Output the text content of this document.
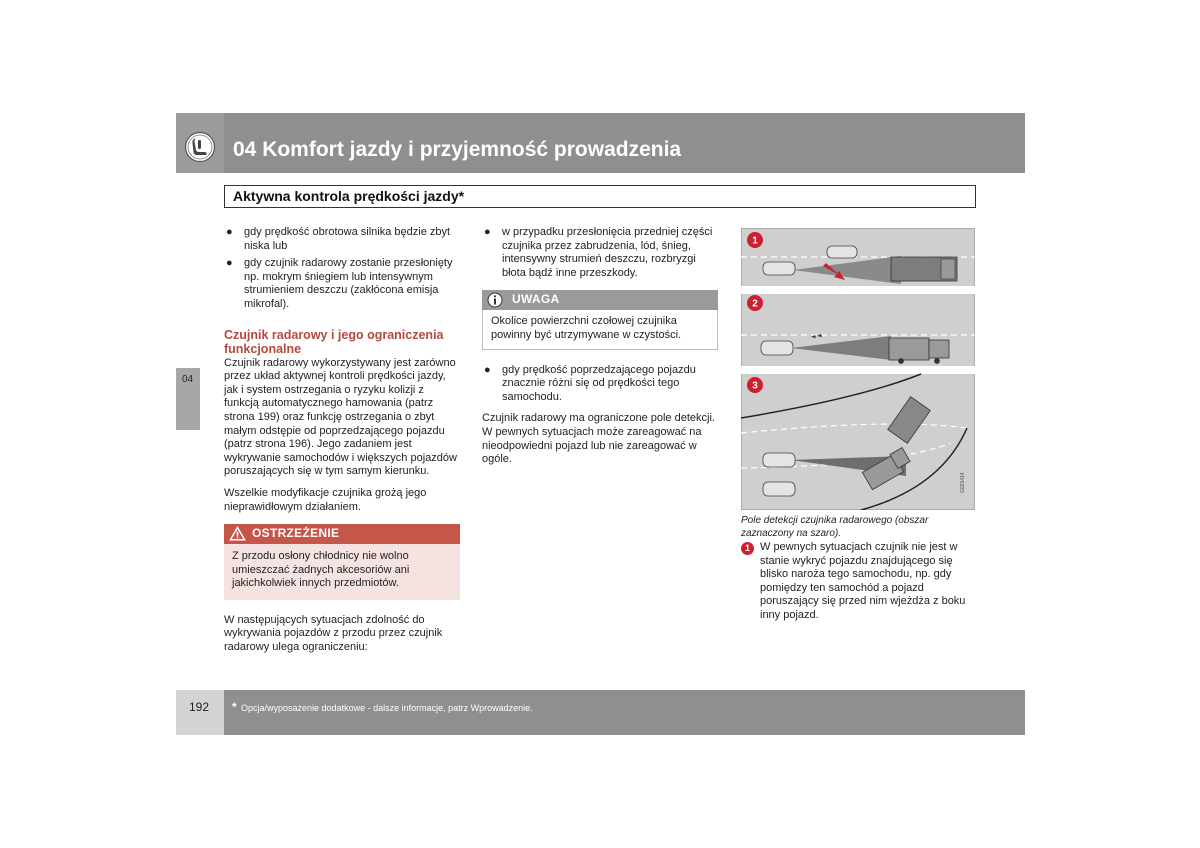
04 Komfort jazdy i przyjemność prowadzenia
Aktywna kontrola prędkości jazdy*
04
● gdy prędkość obrotowa silnika będzie zbyt niska lub
● gdy czujnik radarowy zostanie przesłonięty np. mokrym śniegiem lub intensywnym strumieniem deszczu (zakłócona emisja mikrofal).
Czujnik radarowy i jego ograniczenia funkcjonalne

Czujnik radarowy wykorzystywany jest zarówno przez układ aktywnej kontroli prędkości jazdy, jak i system ostrzegania o ryzyku kolizji z funkcją automatycznego hamowania (patrz strona 199) oraz funkcję ostrzegania o zbyt małym odstępie od poprzedzającego pojazdu (patrz strona 196). Jego zadaniem jest wykrywanie samochodów i większych pojazdów poruszających się w tym samym kierunku.

Wszelkie modyfikacje czujnika grożą jego nieprawidłowym działaniem.

OSTRZEŻENIE
Z przodu osłony chłodnicy nie wolno umieszczać żadnych akcesoriów ani jakichkolwiek innych przedmiotów.

W następujących sytuacjach zdolność do wykrywania pojazdów z przodu przez czujnik radarowy ulega ograniczeniu:

● w przypadku przesłonięcia przedniej części czujnika przez zabrudzenia, lód, śnieg, intensywny strumień deszczu, rozbryzgi błota bądź inne przeszkody.
UWAGA
Okolice powierzchni czołowej czujnika powinny być utrzymywane w czystości.
● gdy prędkość poprzedzającego pojazdu znacznie różni się od prędkości tego samochodu.

Czujnik radarowy ma ograniczone pole detekcji. W pewnych sytuacjach może zareagować na nieodpowiedni pojazd lub nie zareagować w ogóle.

G021414
1
2
3
Pole detekcji czujnika radarowego (obszar zaznaczony na szaro).
1 W pewnych sytuacjach czujnik nie jest w stanie wykryć pojazdu znajdującego się blisko naroża tego samochodu, np. gdy pomiędzy ten samochód a pojazd poruszający się przed nim wjeżdża z boku inny pojazd.
192 * Opcja/wyposażenie dodatkowe - dalsze informacje, patrz Wprowadzenie.
